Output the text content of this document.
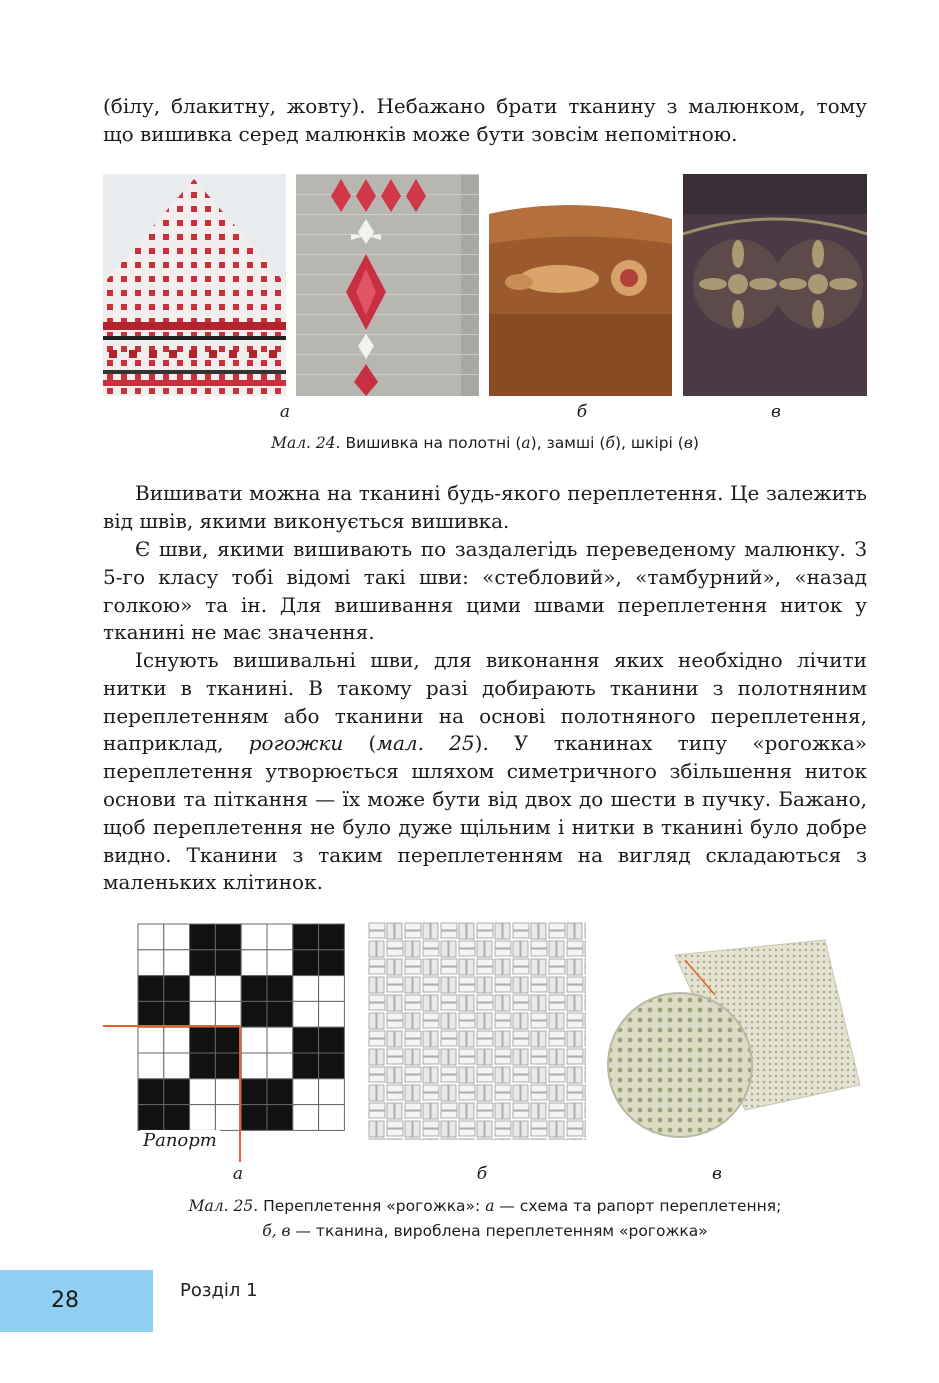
(білу, блакитну, жовту). Небажано брати тканину з малюнком, тому що вишивка серед малюнків може бути зовсім непомітною.

а	б	в
Мал. 24. Вишивка на полотні (а), замші (б), шкірі (в)

Вишивати можна на тканині будь-якого переплетення. Це залежить від швів, якими виконується вишивка.

Є шви, якими вишивають по заздалегідь переведеному малюнку. З 5-го класу тобі відомі такі шви: «стебловий», «тамбурний», «назад голкою» та ін. Для вишивання цими швами переплетення ниток у тканині не має значення.

Існують вишивальні шви, для виконання яких необхідно лічити нитки в тканині. В такому разі добирають тканини з полотняним переплетенням або тканини на основі полотняного переплетення, наприклад, рогожки (мал. 25). У тканинах типу «рогожка» переплетення утворюється шляхом симетричного збільшення ниток основи та піткання — їх може бути від двох до шести в пучку. Бажано, щоб переплетення не було дуже щільним і нитки в тканині було добре видно. Тканини з таким переплетенням на вигляд складаються з маленьких клітинок.

Рапорт
а	б	в
Мал. 25. Переплетення «рогожка»: а — схема та рапорт переплетення;
б, в — тканина, вироблена переплетенням «рогожка»
28	Розділ 1
